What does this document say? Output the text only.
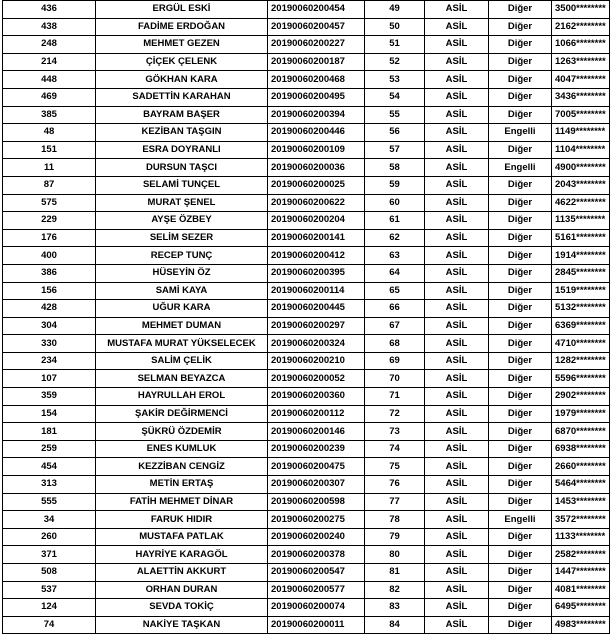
436	ERGÜL ESKİ	20190060200454	49	ASİL	Diğer	3500********
438	FADİME ERDOĞAN	20190060200457	50	ASİL	Diğer	2162********
248	MEHMET GEZEN	20190060200227	51	ASİL	Diğer	1066********
214	ÇİÇEK ÇELENK	20190060200187	52	ASİL	Diğer	1263********
448	GÖKHAN KARA	20190060200468	53	ASİL	Diğer	4047********
469	SADETTİN KARAHAN	20190060200495	54	ASİL	Diğer	3436********
385	BAYRAM BAŞER	20190060200394	55	ASİL	Diğer	7005********
48	KEZİBAN TAŞGIN	20190060200446	56	ASİL	Engelli	1149********
151	ESRA DOYRANLI	20190060200109	57	ASİL	Diğer	1104********
11	DURSUN TAŞCI	20190060200036	58	ASİL	Engelli	4900********
87	SELAMİ TUNÇEL	20190060200025	59	ASİL	Diğer	2043********
575	MURAT ŞENEL	20190060200622	60	ASİL	Diğer	4622********
229	AYŞE ÖZBEY	20190060200204	61	ASİL	Diğer	1135********
176	SELİM SEZER	20190060200141	62	ASİL	Diğer	5161********
400	RECEP TUNÇ	20190060200412	63	ASİL	Diğer	1914********
386	HÜSEYİN ÖZ	20190060200395	64	ASİL	Diğer	2845********
156	SAMİ KAYA	20190060200114	65	ASİL	Diğer	1519********
428	UĞUR KARA	20190060200445	66	ASİL	Diğer	5132********
304	MEHMET DUMAN	20190060200297	67	ASİL	Diğer	6369********
330	MUSTAFA MURAT YÜKSELECEK	20190060200324	68	ASİL	Diğer	4710********
234	SALİM ÇELİK	20190060200210	69	ASİL	Diğer	1282********
107	SELMAN BEYAZCA	20190060200052	70	ASİL	Diğer	5596********
359	HAYRULLAH EROL	20190060200360	71	ASİL	Diğer	2902********
154	ŞAKİR DEĞİRMENCİ	20190060200112	72	ASİL	Diğer	1979********
181	ŞÜKRÜ ÖZDEMİR	20190060200146	73	ASİL	Diğer	6870********
259	ENES KUMLUK	20190060200239	74	ASİL	Diğer	6938********
454	KEZZİBAN CENGİZ	20190060200475	75	ASİL	Diğer	2660********
313	METİN ERTAŞ	20190060200307	76	ASİL	Diğer	5464********
555	FATİH MEHMET DİNAR	20190060200598	77	ASİL	Diğer	1453********
34	FARUK HIDIR	20190060200275	78	ASİL	Engelli	3572********
260	MUSTAFA PATLAK	20190060200240	79	ASİL	Diğer	1133********
371	HAYRİYE KARAGÖL	20190060200378	80	ASİL	Diğer	2582********
508	ALAETTİN AKKURT	20190060200547	81	ASİL	Diğer	1447********
537	ORHAN DURAN	20190060200577	82	ASİL	Diğer	4081********
124	SEVDA TOKİÇ	20190060200074	83	ASİL	Diğer	6495********
74	NAKİYE TAŞKAN	20190060200011	84	ASİL	Diğer	4983********
